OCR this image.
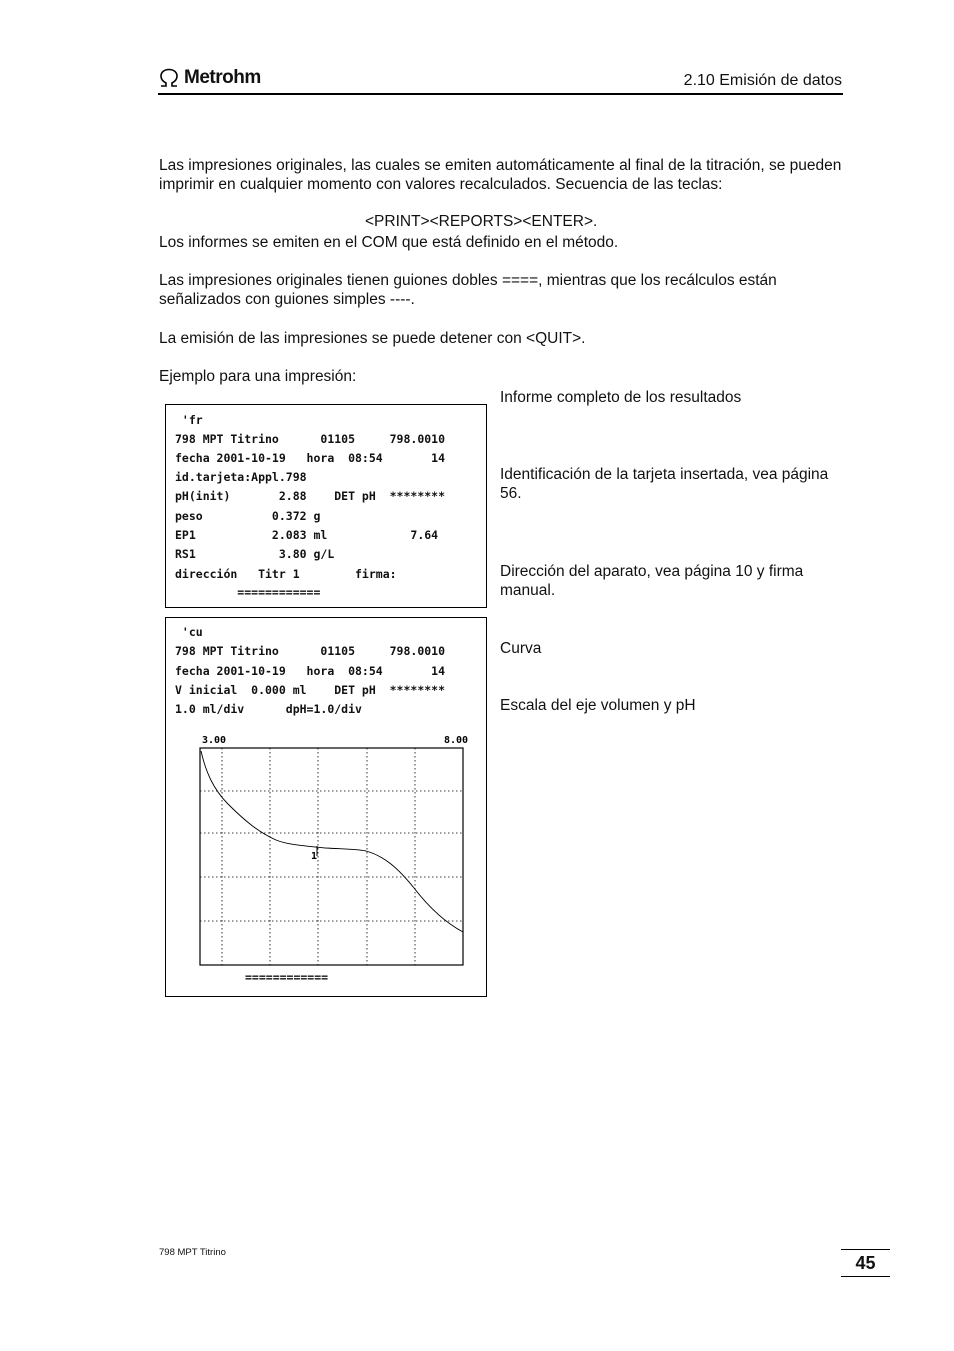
Metrohm	2.10 Emisión de datos
Las impresiones originales, las cuales se emiten automáticamente al final de la titración, se pueden imprimir en cualquier momento con valores recalculados. Secuencia de las teclas:
<PRINT><REPORTS><ENTER>.
Los informes se emiten en el COM que está definido en el método.
Las impresiones originales tienen guiones dobles ====, mientras que los recálculos están señalizados con guiones simples ----.
La emisión de las impresiones se puede detener con <QUIT>.
Ejemplo para una impresión:
Informe completo de los resultados
Identificación de la tarjeta insertada, vea página 56.
Dirección del aparato, vea página 10 y firma manual.
Curva
Escala del eje volumen y pH
'fr
798 MPT Titrino      01105     798.0010
fecha 2001-10-19   hora  08:54       14
id.tarjeta:Appl.798
pH(init)       2.88    DET pH  ********
peso          0.372 g
EP1           2.083 ml            7.64
RS1            3.80 g/L
dirección   Titr 1        firma:
============
'cu
798 MPT Titrino      01105     798.0010
fecha 2001-10-19   hora  08:54       14
V inicial  0.000 ml    DET pH  ********
1.0 ml/div      dpH=1.0/div
3.00	8.00
1
============
798 MPT Titrino
45
